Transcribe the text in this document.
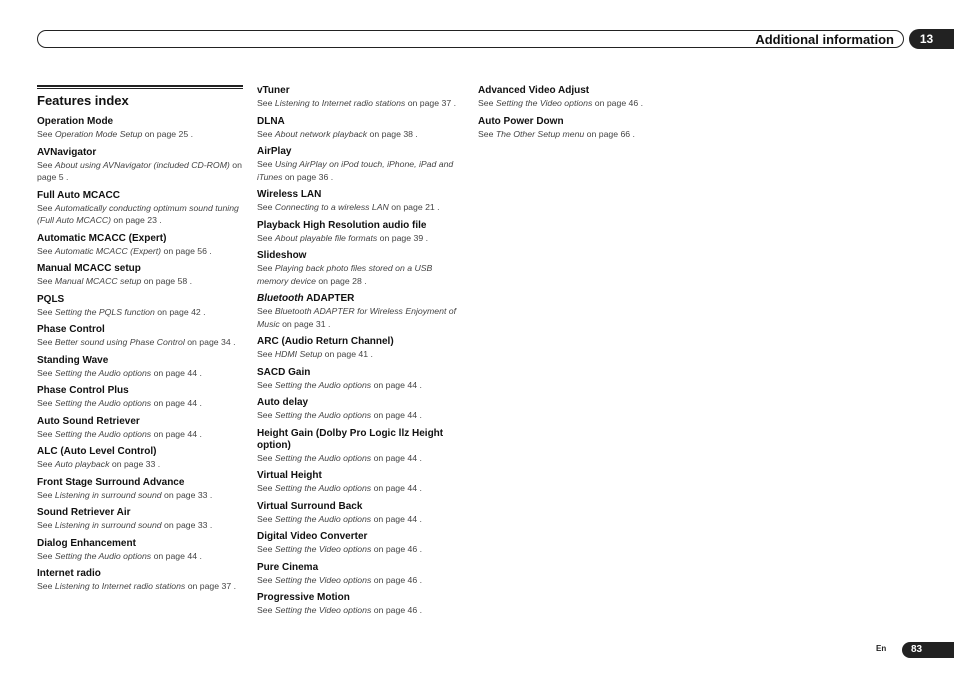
Additional information	13
Features index
Operation Mode
See Operation Mode Setup on page 25 .
AVNavigator
See About using AVNavigator (included CD-ROM) on page 5 .
Full Auto MCACC
See Automatically conducting optimum sound tuning (Full Auto MCACC) on page 23 .
Automatic MCACC (Expert)
See Automatic MCACC (Expert) on page 56 .
Manual MCACC setup
See Manual MCACC setup on page 58 .
PQLS
See Setting the PQLS function on page 42 .
Phase Control
See Better sound using Phase Control on page 34 .
Standing Wave
See Setting the Audio options on page 44 .
Phase Control Plus
See Setting the Audio options on page 44 .
Auto Sound Retriever
See Setting the Audio options on page 44 .
ALC (Auto Level Control)
See Auto playback on page 33 .
Front Stage Surround Advance
See Listening in surround sound on page 33 .
Sound Retriever Air
See Listening in surround sound on page 33 .
Dialog Enhancement
See Setting the Audio options on page 44 .
Internet radio
See Listening to Internet radio stations on page 37 .
vTuner
See Listening to Internet radio stations on page 37 .
DLNA
See About network playback on page 38 .
AirPlay
See Using AirPlay on iPod touch, iPhone, iPad and iTunes on page 36 .
Wireless LAN
See Connecting to a wireless LAN on page 21 .
Playback High Resolution audio file
See About playable file formats on page 39 .
Slideshow
See Playing back photo files stored on a USB memory device on page 28 .
Bluetooth ADAPTER
See Bluetooth ADAPTER for Wireless Enjoyment of Music on page 31 .
ARC (Audio Return Channel)
See HDMI Setup on page 41 .
SACD Gain
See Setting the Audio options on page 44 .
Auto delay
See Setting the Audio options on page 44 .
Height Gain (Dolby Pro Logic llz Height option)
See Setting the Audio options on page 44 .
Virtual Height
See Setting the Audio options on page 44 .
Virtual Surround Back
See Setting the Audio options on page 44 .
Digital Video Converter
See Setting the Video options on page 46 .
Pure Cinema
See Setting the Video options on page 46 .
Progressive Motion
See Setting the Video options on page 46 .
Advanced Video Adjust
See Setting the Video options on page 46 .
Auto Power Down
See The Other Setup menu on page 66 .
En	83
